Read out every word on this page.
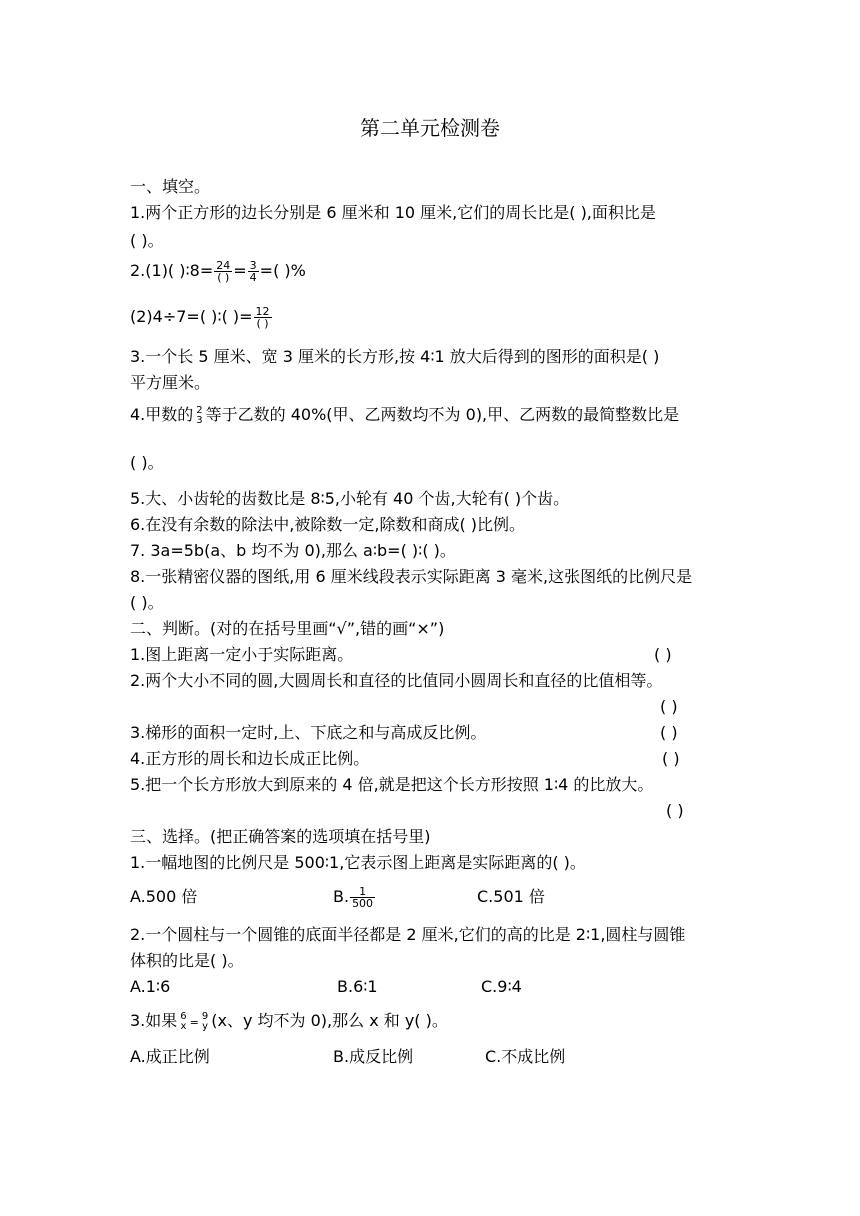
第二单元检测卷
一、填空。
1.两个正方形的边长分别是 6 厘米和 10 厘米,它们的周长比是( ),面积比是
( )。
2.(1)( )∶8= $\frac{24}{( )} = \frac{3}{4}$ =( )%
(2)4÷7=( )∶( )= $\frac{12}{( )}$
3.一个长 5 厘米、宽 3 厘米的长方形,按 4∶1 放大后得到的图形的面积是( )
平方厘米。
4.甲数的 2
3 等于乙数的 40%(甲、乙两数均不为 0),甲、乙两数的最简整数比是
( )。
5.大、小齿轮的齿数比是 8∶5,小轮有 40 个齿,大轮有( )个齿。
6.在没有余数的除法中,被除数一定,除数和商成( )比例。
7. 3a=5b(a、b 均不为 0),那么 a∶b=( )∶( )。
8.一张精密仪器的图纸,用 6 厘米线段表示实际距离 3 毫米,这张图纸的比例尺是
( )。
二、判断。(对的在括号里画“√”,错的画“×”)
1.图上距离一定小于实际距离。	( )
2.两个大小不同的圆,大圆周长和直径的比值同小圆周长和直径的比值相等。
( )
3.梯形的面积一定时,上、下底之和与高成反比例。	( )
4.正方形的周长和边长成正比例。	( )
5.把一个长方形放大到原来的 4 倍,就是把这个长方形按照 1∶4 的比放大。
( )
三、选择。(把正确答案的选项填在括号里)
1.一幅地图的比例尺是 500∶1,它表示图上距离是实际距离的( )。
A.500 倍	B. $\frac{1}{500}$	C.501 倍
2.一个圆柱与一个圆锥的底面半径都是 2 厘米,它们的高的比是 2∶1,圆柱与圆锥
体积的比是( )。
A.1∶6	B.6∶1	C.9∶4
3.如果 6
x = 9
y (x、y 均不为 0),那么 x 和 y( )。
A.成正比例	B.成反比例	C.不成比例
